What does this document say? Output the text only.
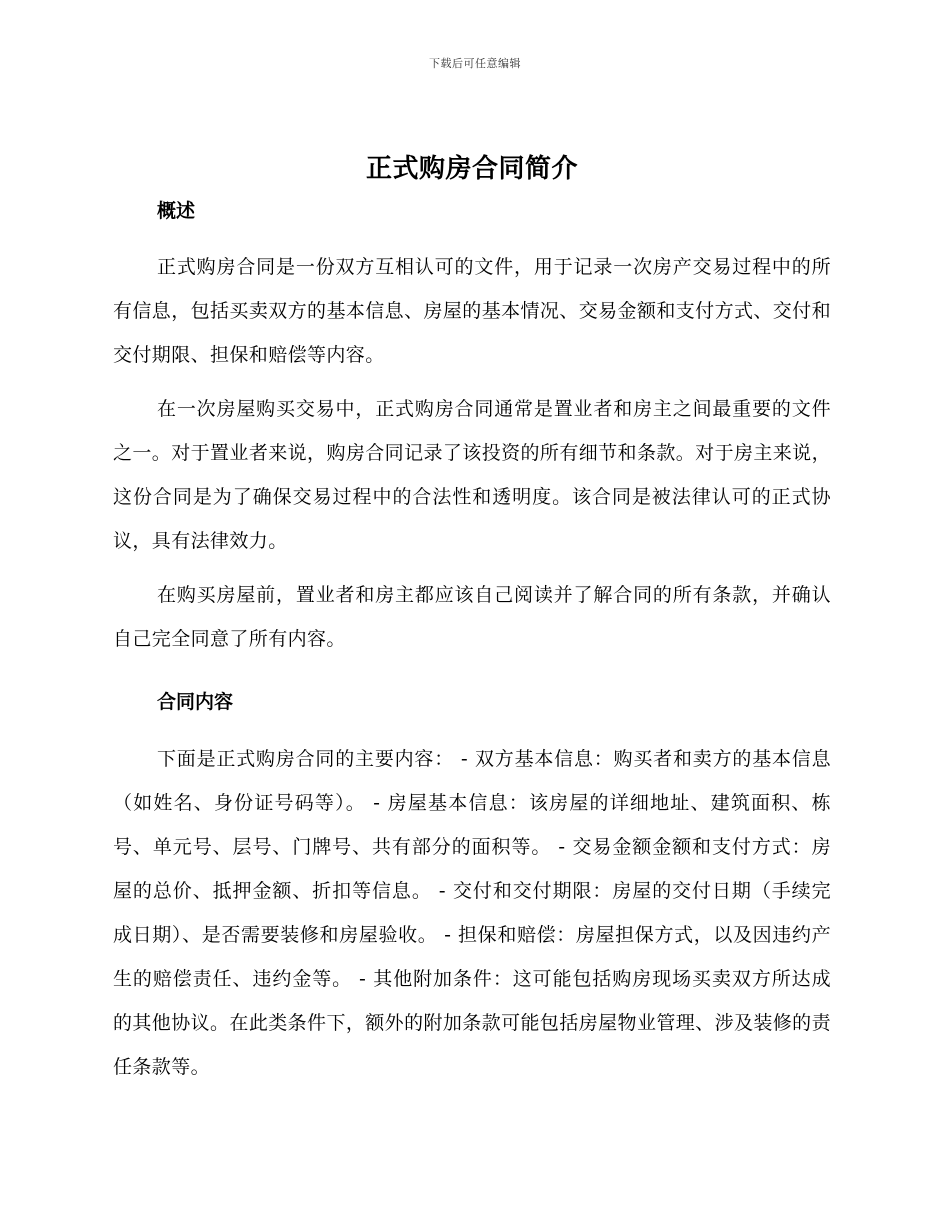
下载后可任意编辑
正式购房合同简介
概述

正式购房合同是一份双方互相认可的文件，用于记录一次房产交易过程中的所有信息，包括买卖双方的基本信息、房屋的基本情况、交易金额和支付方式、交付和交付期限、担保和赔偿等内容。

在一次房屋购买交易中，正式购房合同通常是置业者和房主之间最重要的文件之一。对于置业者来说，购房合同记录了该投资的所有细节和条款。对于房主来说，这份合同是为了确保交易过程中的合法性和透明度。该合同是被法律认可的正式协议，具有法律效力。

在购买房屋前，置业者和房主都应该自己阅读并了解合同的所有条款，并确认自己完全同意了所有内容。

合同内容

下面是正式购房合同的主要内容： - 双方基本信息：购买者和卖方的基本信息（如姓名、身份证号码等）。 - 房屋基本信息：该房屋的详细地址、建筑面积、栋号、单元号、层号、门牌号、共有部分的面积等。 - 交易金额金额和支付方式：房屋的总价、抵押金额、折扣等信息。 - 交付和交付期限：房屋的交付日期（手续完成日期）、是否需要装修和房屋验收。 - 担保和赔偿：房屋担保方式，以及因违约产生的赔偿责任、违约金等。 - 其他附加条件：这可能包括购房现场买卖双方所达成的其他协议。在此类条件下，额外的附加条款可能包括房屋物业管理、涉及装修的责任条款等。
